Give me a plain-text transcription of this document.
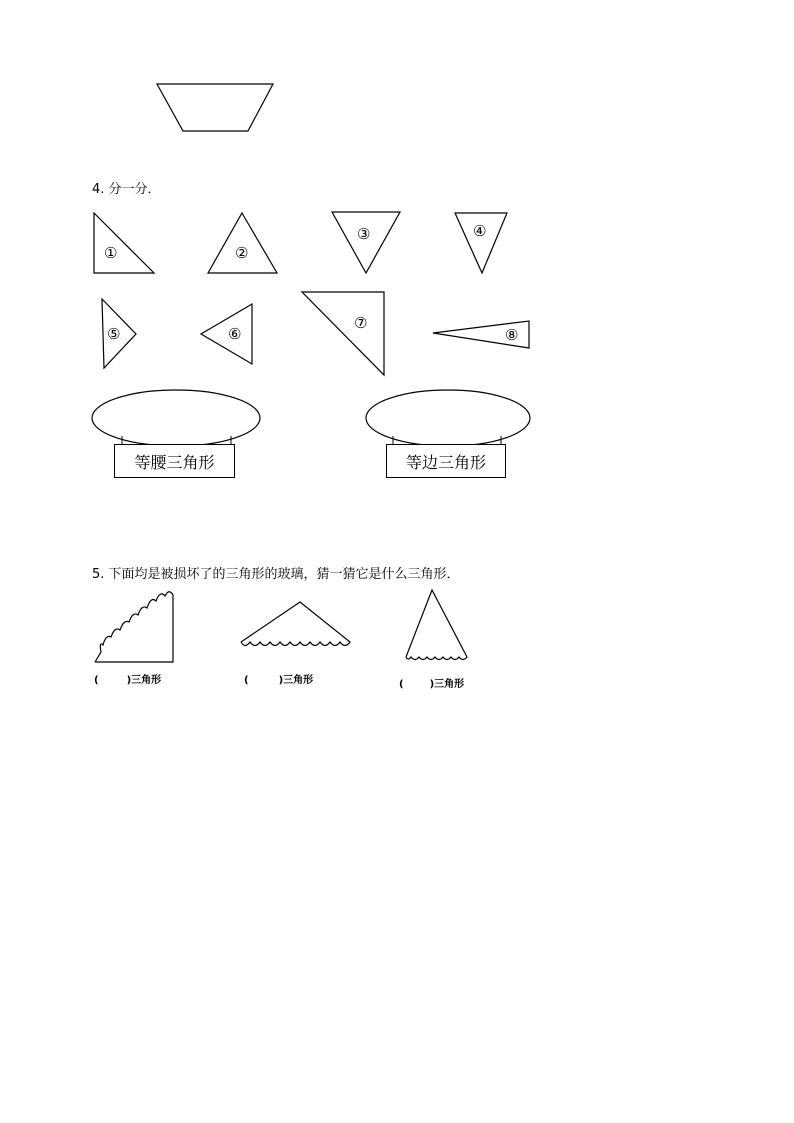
4. 分一分．
①	②
③	④
⑤	⑥
⑦
⑧
等腰三角形	等边三角形
5. 下面均是被损坏了的三角形的玻璃，猜一猜它是什么三角形．
(	)三角形	(	)三角形	(	)三角形
